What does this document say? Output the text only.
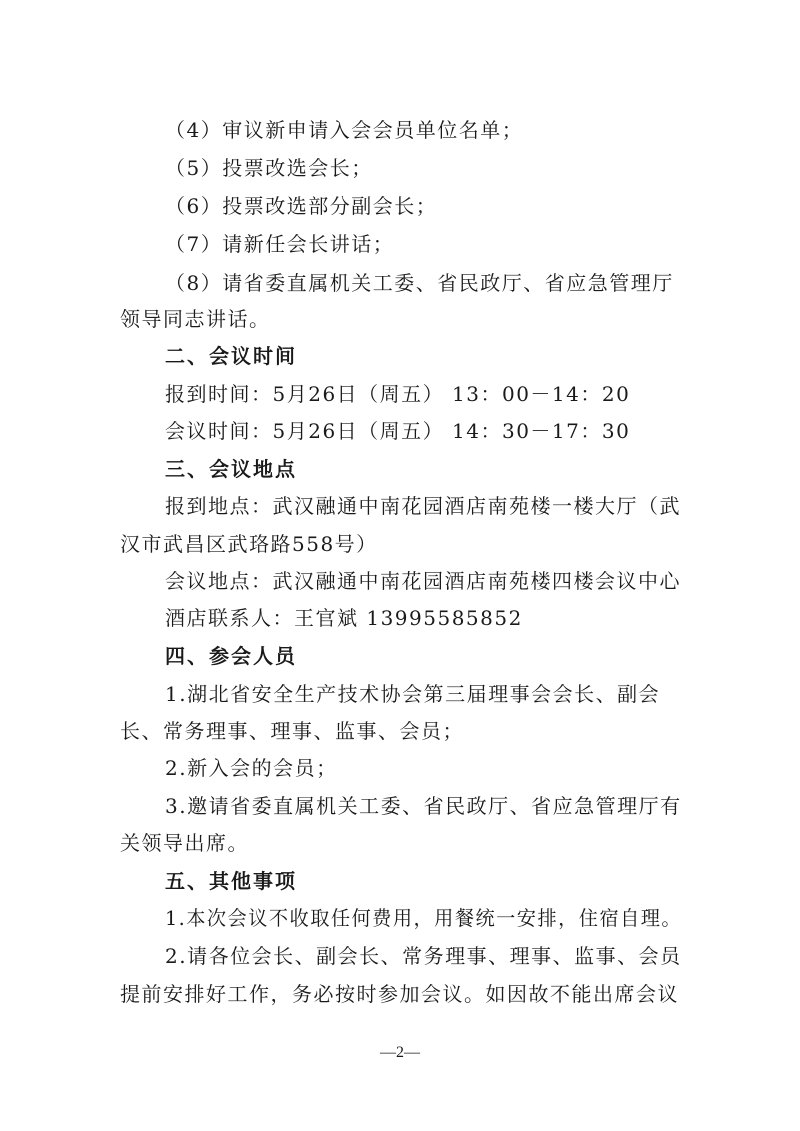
（4）审议新申请入会会员单位名单；
（5）投票改选会长；
（6）投票改选部分副会长；
（7）请新任会长讲话；
（8）请省委直属机关工委、省民政厅、省应急管理厅
领导同志讲话。
二、会议时间
报到时间：5月26日（周五） 13：00－14：20
会议时间：5月26日（周五） 14：30－17：30
三、会议地点
报到地点：武汉融通中南花园酒店南苑楼一楼大厅（武
汉市武昌区武珞路558号）
会议地点：武汉融通中南花园酒店南苑楼四楼会议中心
酒店联系人：王官斌 13995585852
四、参会人员
1.湖北省安全生产技术协会第三届理事会会长、副会
长、常务理事、理事、监事、会员；
2.新入会的会员；
3.邀请省委直属机关工委、省民政厅、省应急管理厅有
关领导出席。
五、其他事项
1.本次会议不收取任何费用，用餐统一安排，住宿自理。
2.请各位会长、副会长、常务理事、理事、监事、会员
提前安排好工作，务必按时参加会议。如因故不能出席会议
—2—
